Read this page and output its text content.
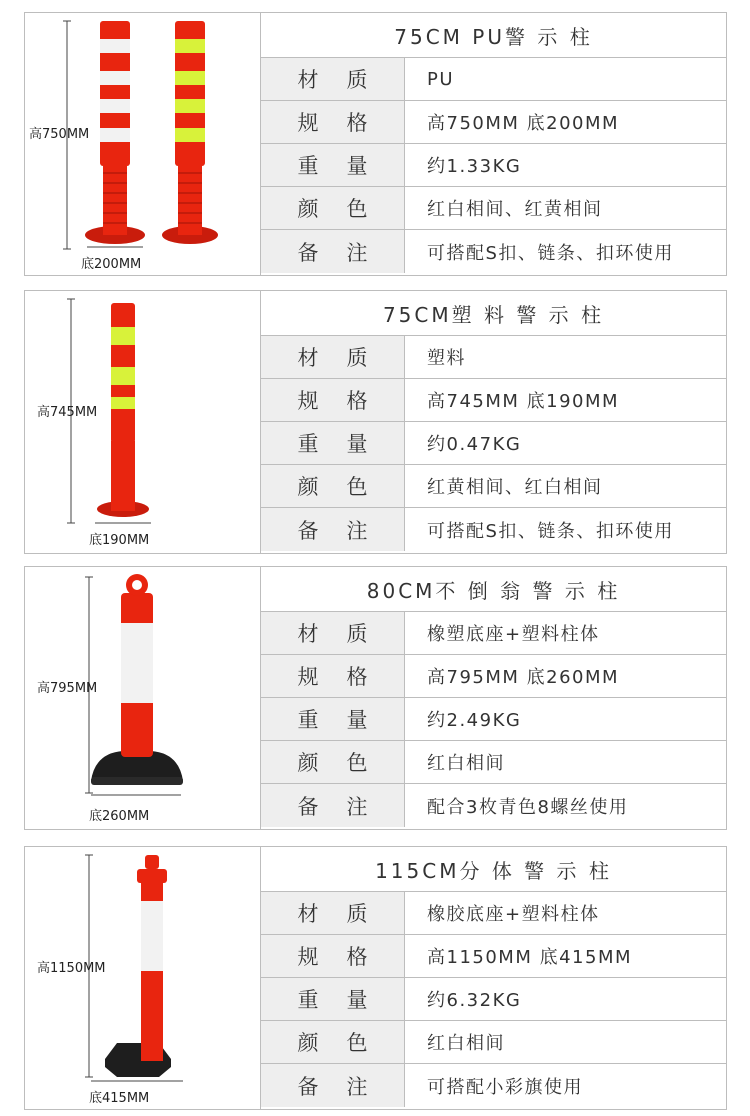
高750MM
底200MM
75CM PU警 示 柱
材质	PU
规格	高750MM 底200MM
重量	约1.33KG
颜色	红白相间、红黄相间
备注	可搭配S扣、链条、扣环使用
高745MM
底190MM
75CM塑 料 警 示 柱
材质	塑料
规格	高745MM 底190MM
重量	约0.47KG
颜色	红黄相间、红白相间
备注	可搭配S扣、链条、扣环使用
高795MM
底260MM
80CM不 倒 翁 警 示 柱
材质	橡塑底座+塑料柱体
规格	高795MM 底260MM
重量	约2.49KG
颜色	红白相间
备注	配合3枚青色8螺丝使用
高1150MM
底415MM
115CM分 体 警 示 柱
材质	橡胶底座+塑料柱体
规格	高1150MM 底415MM
重量	约6.32KG
颜色	红白相间
备注	可搭配小彩旗使用
